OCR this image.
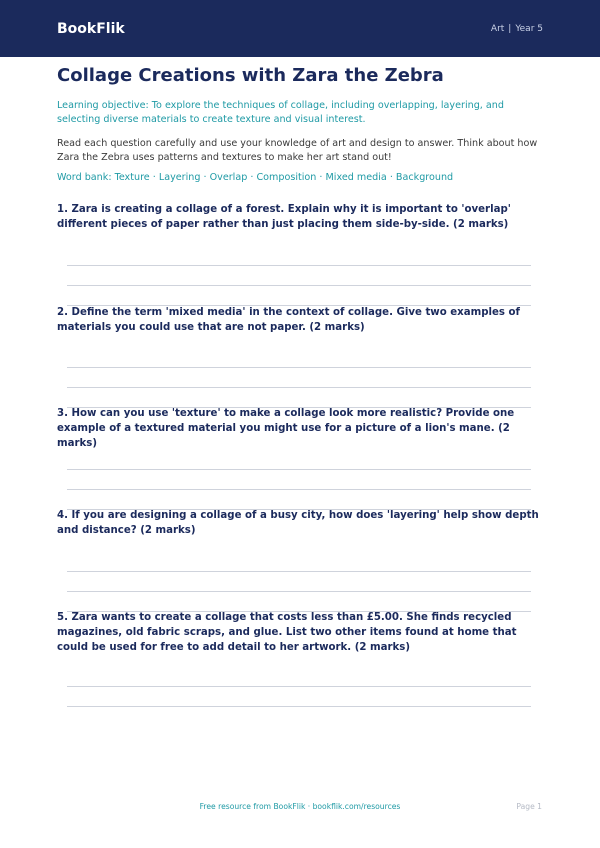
BookFlik	Art | Year 5
Collage Creations with Zara the Zebra

Learning objective: To explore the techniques of collage, including overlapping, layering, and selecting diverse materials to create texture and visual interest.

Read each question carefully and use your knowledge of art and design to answer. Think about how Zara the Zebra uses patterns and textures to make her art stand out!

Word bank: Texture · Layering · Overlap · Composition · Mixed media · Background

1. Zara is creating a collage of a forest. Explain why it is important to 'overlap' different pieces of paper rather than just placing them side-by-side. (2 marks)

2. Define the term 'mixed media' in the context of collage. Give two examples of materials you could use that are not paper. (2 marks)

3. How can you use 'texture' to make a collage look more realistic? Provide one example of a textured material you might use for a picture of a lion's mane. (2 marks)

4. If you are designing a collage of a busy city, how does 'layering' help show depth and distance? (2 marks)

5. Zara wants to create a collage that costs less than £5.00. She finds recycled magazines, old fabric scraps, and glue. List two other items found at home that could be used for free to add detail to her artwork. (2 marks)

Free resource from BookFlik · bookflik.com/resources	Page 1
